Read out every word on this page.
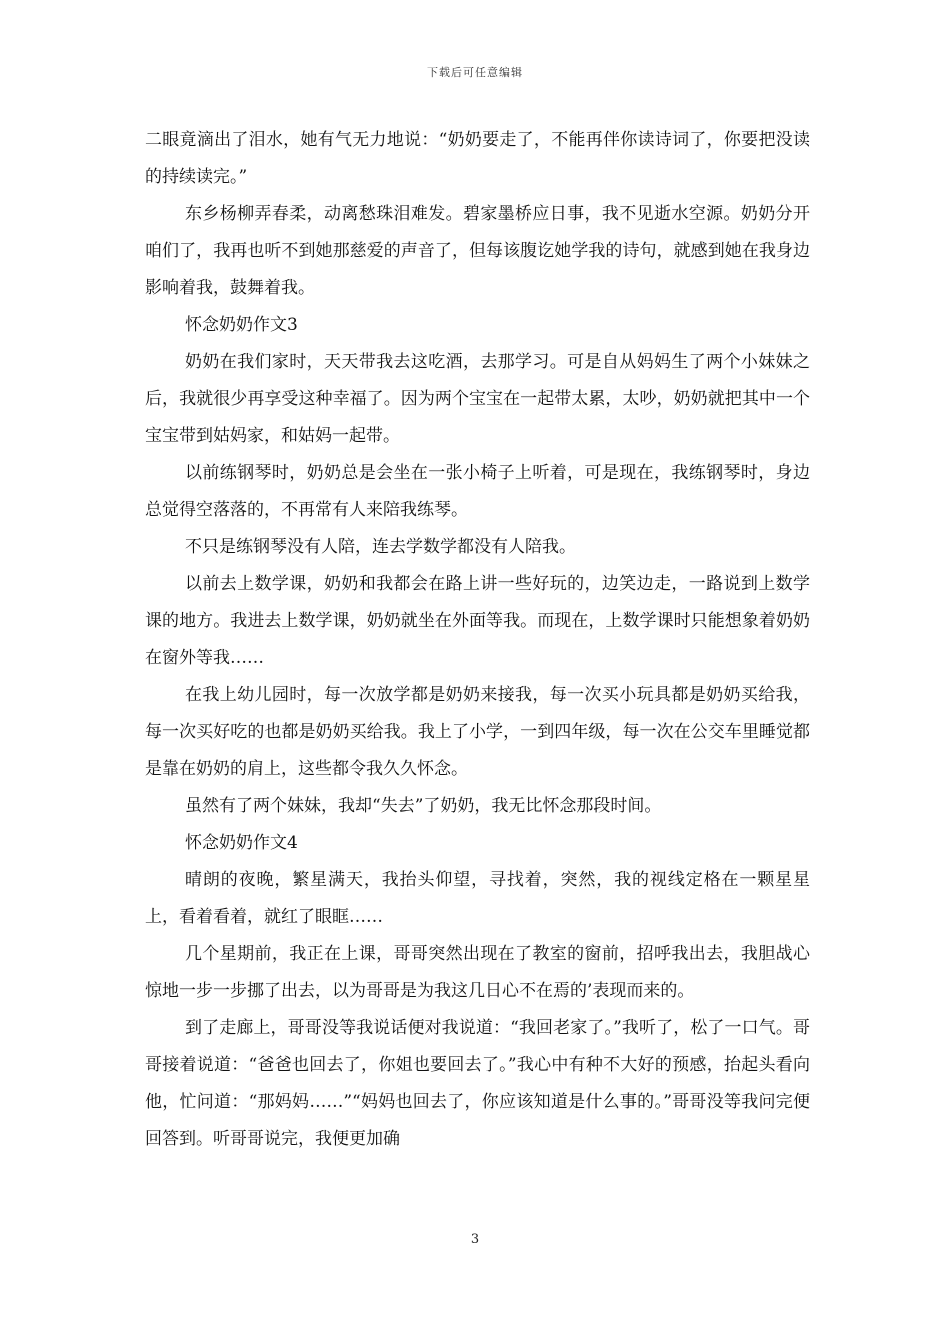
下载后可任意编辑

二眼竟滴出了泪水，她有气无力地说：“奶奶要走了，不能再伴你读诗词了，你要把没读的持续读完。”

东乡杨柳弄春柔，动离愁珠泪难发。碧家墨桥应日事，我不见逝水空源。奶奶分开咱们了，我再也听不到她那慈爱的声音了，但每该腹讫她学我的诗句，就感到她在我身边影响着我，鼓舞着我。

怀念奶奶作文3

奶奶在我们家时，天天带我去这吃酒，去那学习。可是自从妈妈生了两个小妹妹之后，我就很少再享受这种幸福了。因为两个宝宝在一起带太累，太吵，奶奶就把其中一个宝宝带到姑妈家，和姑妈一起带。

以前练钢琴时，奶奶总是会坐在一张小椅子上听着，可是现在，我练钢琴时，身边总觉得空落落的，不再常有人来陪我练琴。

不只是练钢琴没有人陪，连去学数学都没有人陪我。

以前去上数学课，奶奶和我都会在路上讲一些好玩的，边笑边走，一路说到上数学课的地方。我进去上数学课，奶奶就坐在外面等我。而现在，上数学课时只能想象着奶奶在窗外等我……

在我上幼儿园时，每一次放学都是奶奶来接我，每一次买小玩具都是奶奶买给我，每一次买好吃的也都是奶奶买给我。我上了小学，一到四年级，每一次在公交车里睡觉都是靠在奶奶的肩上，这些都令我久久怀念。

虽然有了两个妹妹，我却“失去”了奶奶，我无比怀念那段时间。

怀念奶奶作文4

晴朗的夜晚，繁星满天，我抬头仰望，寻找着，突然，我的视线定格在一颗星星上，看着看着，就红了眼眶……

几个星期前，我正在上课，哥哥突然出现在了教室的窗前，招呼我出去，我胆战心惊地一步一步挪了出去，以为哥哥是为我这几日心不在焉的’表现而来的。

到了走廊上，哥哥没等我说话便对我说道：“我回老家了。”我听了，松了一口气。哥哥接着说道：“爸爸也回去了，你姐也要回去了。”我心中有种不大好的预感，抬起头看向他，忙问道：“那妈妈……”“妈妈也回去了，你应该知道是什么事的。”哥哥没等我问完便回答到。听哥哥说完，我便更加确

3
